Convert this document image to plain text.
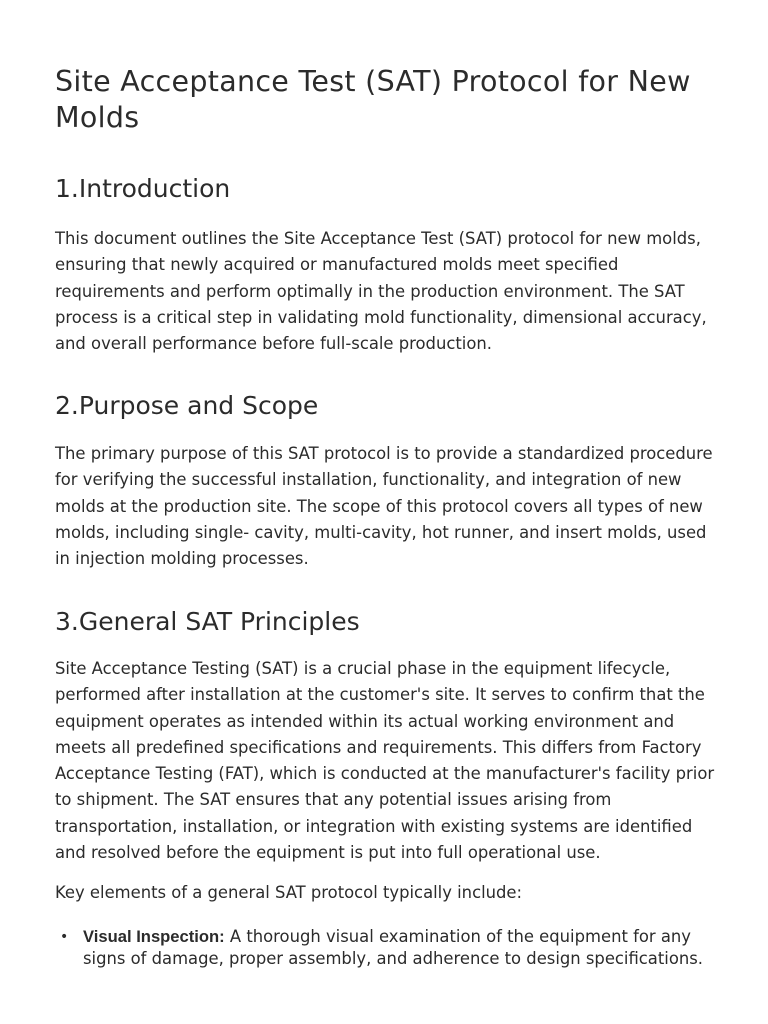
Site Acceptance Test (SAT) Protocol for New Molds
1.Introduction

This document outlines the Site Acceptance Test (SAT) protocol for new molds, ensuring that newly acquired or manufactured molds meet specified requirements and perform optimally in the production environment. The SAT process is a critical step in validating mold functionality, dimensional accuracy, and overall performance before full-scale production.

2.Purpose and Scope

The primary purpose of this SAT protocol is to provide a standardized procedure for verifying the successful installation, functionality, and integration of new molds at the production site. The scope of this protocol covers all types of new molds, including single- cavity, multi-cavity, hot runner, and insert molds, used in injection molding processes.

3.General SAT Principles

Site Acceptance Testing (SAT) is a crucial phase in the equipment lifecycle, performed after installation at the customer's site. It serves to confirm that the equipment operates as intended within its actual working environment and meets all predefined specifications and requirements. This differs from Factory Acceptance Testing (FAT), which is conducted at the manufacturer's facility prior to shipment. The SAT ensures that any potential issues arising from transportation, installation, or integration with existing systems are identified and resolved before the equipment is put into full operational use.

Key elements of a general SAT protocol typically include:

• Visual Inspection: A thorough visual examination of the equipment for any signs of damage, proper assembly, and adherence to design specifications.
